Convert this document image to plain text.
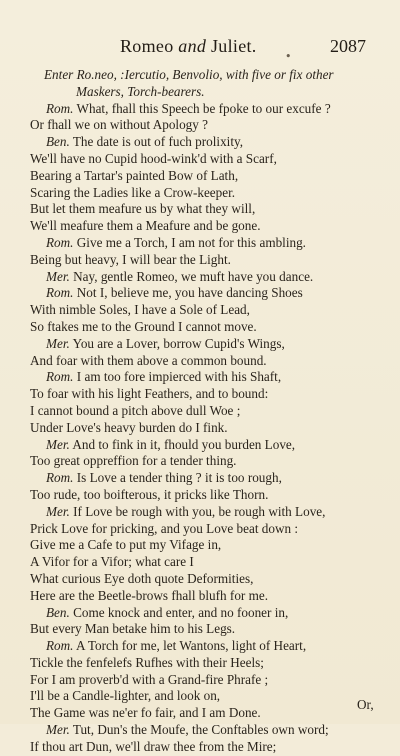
Romeo and Juliet.
•
2087
Enter Ro.neo, :Iercutio, Benvolio, with five or fix other
Maskers, Torch-bearers.
Rom. What, fhall this Speech be fpoke to our excufe ?
Or fhall we on without Apology ?
Ben. The date is out of fuch prolixity,
We'll have no Cupid hood-wink'd with a Scarf,
Bearing a Tartar's painted Bow of Lath,
Scaring the Ladies like a Crow-keeper.
But let them meafure us by what they will,
We'll meafure them a Meafure and be gone.
Rom. Give me a Torch, I am not for this ambling.
Being but heavy, I will bear the Light.
Mer. Nay, gentle Romeo, we muft have you dance.
Rom. Not I, believe me, you have dancing Shoes
With nimble Soles, I have a Sole of Lead,
So ftakes me to the Ground I cannot move.
Mer. You are a Lover, borrow Cupid's Wings,
And foar with them above a common bound.
Rom. I am too fore impierced with his Shaft,
To foar with his light Feathers, and to bound:
I cannot bound a pitch above dull Woe ;
Under Love's heavy burden do I fink.
Mer. And to fink in it, fhould you burden Love,
Too great oppreffion for a tender thing.
Rom. Is Love a tender thing ? it is too rough,
Too rude, too boifterous, it pricks like Thorn.
Mer. If Love be rough with you, be rough with Love,
Prick Love for pricking, and you Love beat down :
Give me a Cafe to put my Vifage in,
A Vifor for a Vifor; what care I
What curious Eye doth quote Deformities,
Here are the Beetle-brows fhall blufh for me.
Ben. Come knock and enter, and no fooner in,
But every Man betake him to his Legs.
Rom. A Torch for me, let Wantons, light of Heart,
Tickle the fenfelefs Rufhes with their Heels;
For I am proverb'd with a Grand-fire Phrafe ;
I'll be a Candle-lighter, and look on,
The Game was ne'er fo fair, and I am Done.
Mer. Tut, Dun's the Moufe, the Conftables own word;
If thou art Dun, we'll draw thee from the Mire;
Or,
